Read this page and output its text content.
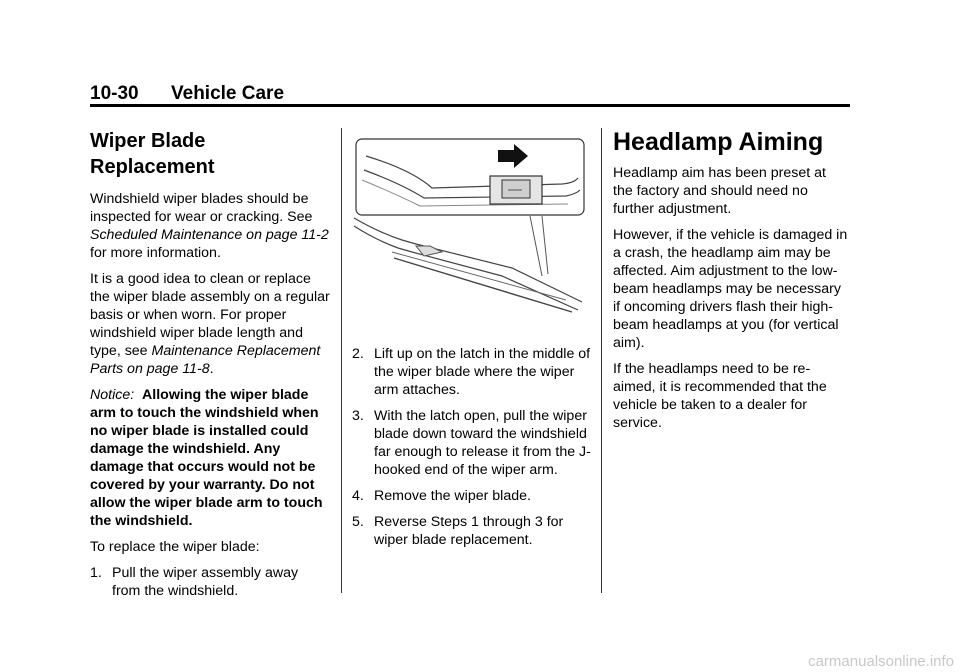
10-30 Vehicle Care
Wiper Blade Replacement

Windshield wiper blades should be inspected for wear or cracking. See Scheduled Maintenance on page 11-2 for more information.

It is a good idea to clean or replace the wiper blade assembly on a regular basis or when worn. For proper windshield wiper blade length and type, see Maintenance Replacement Parts on page 11-8.

Notice: Allowing the wiper blade arm to touch the windshield when no wiper blade is installed could damage the windshield. Any damage that occurs would not be covered by your warranty. Do not allow the wiper blade arm to touch the windshield.

To replace the wiper blade:

1. Pull the wiper assembly away from the windshield.

2. Lift up on the latch in the middle of the wiper blade where the wiper arm attaches.

3. With the latch open, pull the wiper blade down toward the windshield far enough to release it from the J-hooked end of the wiper arm.

4. Remove the wiper blade.

5. Reverse Steps 1 through 3 for wiper blade replacement.

Headlamp Aiming

Headlamp aim has been preset at the factory and should need no further adjustment.

However, if the vehicle is damaged in a crash, the headlamp aim may be affected. Aim adjustment to the low-beam headlamps may be necessary if oncoming drivers flash their high-beam headlamps at you (for vertical aim).

If the headlamps need to be re-aimed, it is recommended that the vehicle be taken to a dealer for service.

carmanualsonline.info
